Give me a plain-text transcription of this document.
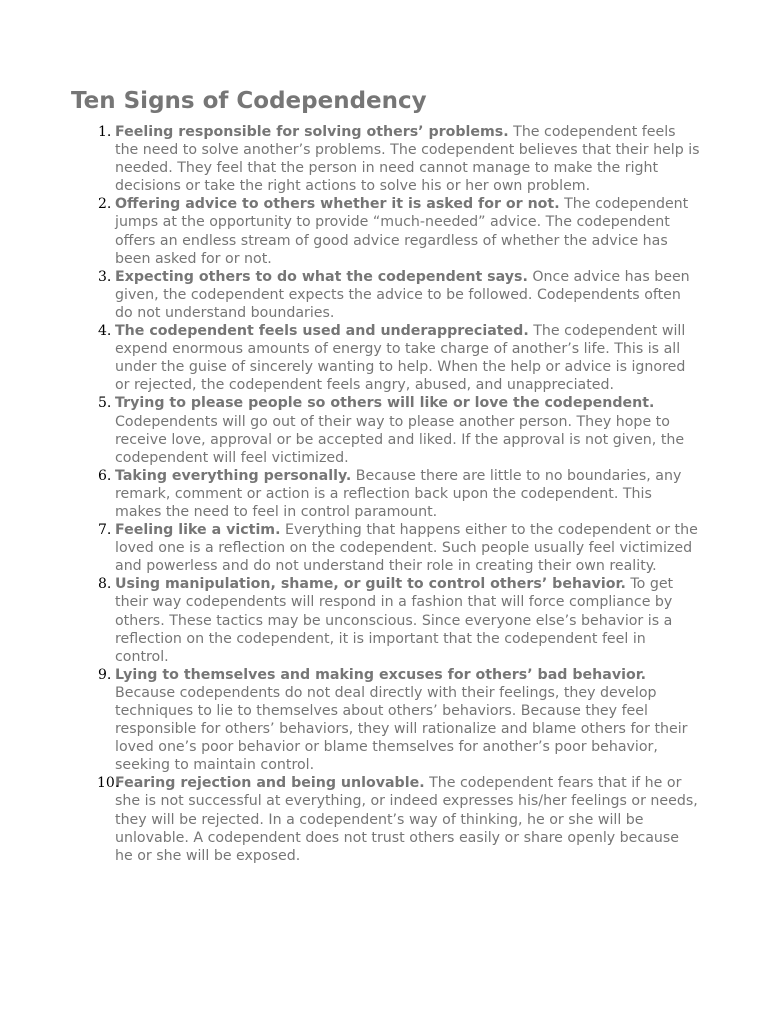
Ten Signs of Codependency
1. Feeling responsible for solving others’ problems. The codependent feels the need to solve another’s problems. The codependent believes that their help is needed. They feel that the person in need cannot manage to make the right decisions or take the right actions to solve his or her own problem.
2. Offering advice to others whether it is asked for or not. The codependent jumps at the opportunity to provide “much-needed” advice. The codependent offers an endless stream of good advice regardless of whether the advice has been asked for or not.
3. Expecting others to do what the codependent says. Once advice has been given, the codependent expects the advice to be followed. Codependents often do not understand boundaries.
4. The codependent feels used and underappreciated. The codependent will expend enormous amounts of energy to take charge of another’s life. This is all under the guise of sincerely wanting to help. When the help or advice is ignored or rejected, the codependent feels angry, abused, and unappreciated.
5. Trying to please people so others will like or love the codependent. Codependents will go out of their way to please another person. They hope to receive love, approval or be accepted and liked. If the approval is not given, the codependent will feel victimized.
6. Taking everything personally. Because there are little to no boundaries, any remark, comment or action is a reflection back upon the codependent. This makes the need to feel in control paramount.
7. Feeling like a victim. Everything that happens either to the codependent or the loved one is a reflection on the codependent. Such people usually feel victimized and powerless and do not understand their role in creating their own reality.
8. Using manipulation, shame, or guilt to control others’ behavior. To get their way codependents will respond in a fashion that will force compliance by others. These tactics may be unconscious. Since everyone else’s behavior is a reflection on the codependent, it is important that the codependent feel in control.
9. Lying to themselves and making excuses for others’ bad behavior. Because codependents do not deal directly with their feelings, they develop techniques to lie to themselves about others’ behaviors. Because they feel responsible for others’ behaviors, they will rationalize and blame others for their loved one’s poor behavior or blame themselves for another’s poor behavior, seeking to maintain control.
10.
Fearing rejection and being unlovable. The codependent fears that if he or she is not successful at everything, or indeed expresses his/her feelings or needs, they will be rejected. In a codependent’s way of thinking, he or she will be unlovable. A codependent does not trust others easily or share openly because he or she will be exposed.
